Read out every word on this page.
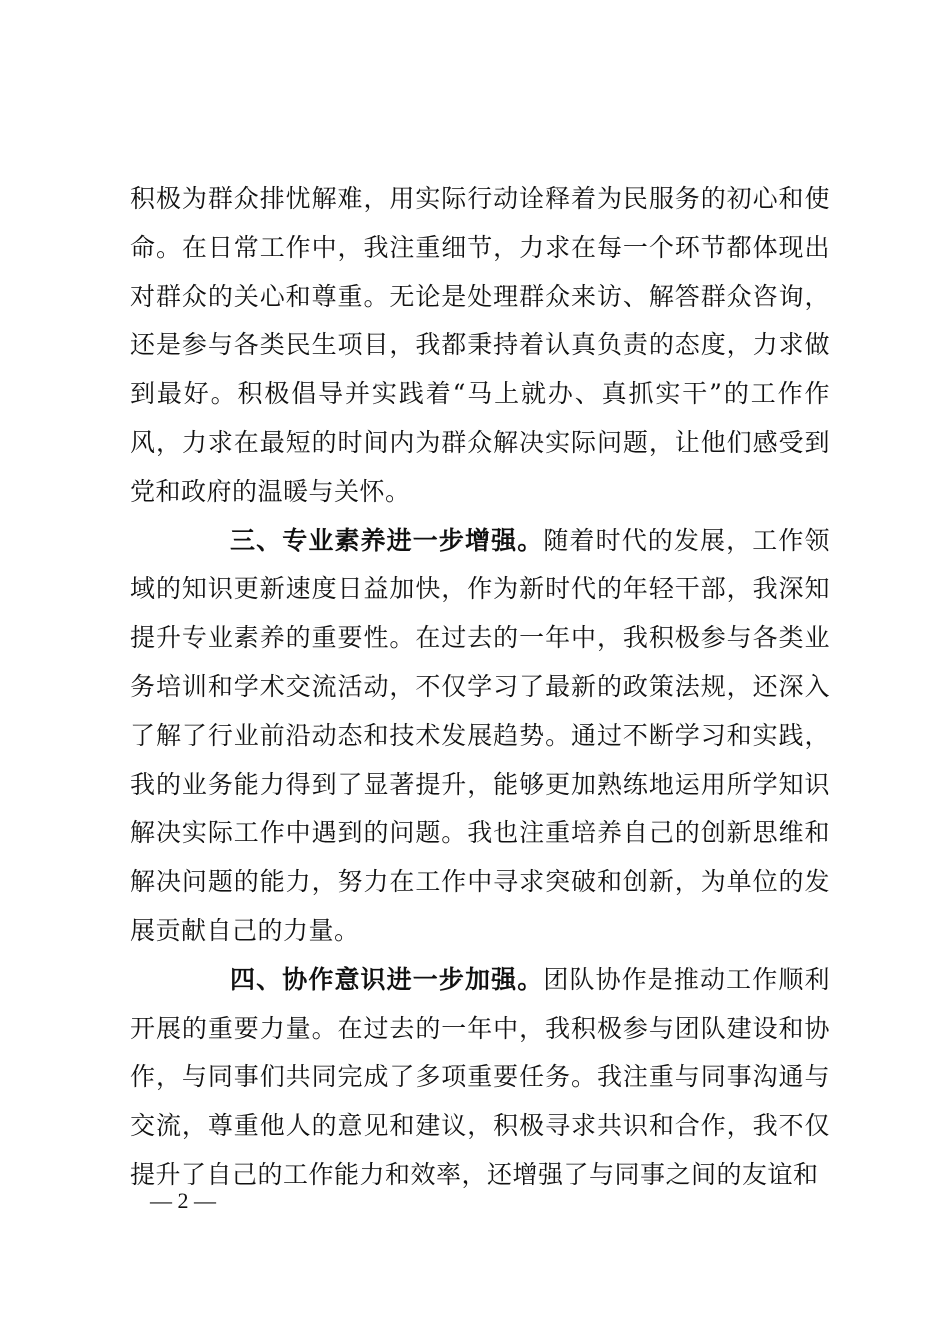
积极为群众排忧解难，用实际行动诠释着为民服务的初心和使命。在日常工作中，我注重细节，力求在每一个环节都体现出对群众的关心和尊重。无论是处理群众来访、解答群众咨询，还是参与各类民生项目，我都秉持着认真负责的态度，力求做到最好。积极倡导并实践着“马上就办、真抓实干”的工作作风，力求在最短的时间内为群众解决实际问题，让他们感受到党和政府的温暖与关怀。

三、专业素养进一步增强。随着时代的发展，工作领域的知识更新速度日益加快，作为新时代的年轻干部，我深知提升专业素养的重要性。在过去的一年中，我积极参与各类业务培训和学术交流活动，不仅学习了最新的政策法规，还深入了解了行业前沿动态和技术发展趋势。通过不断学习和实践，我的业务能力得到了显著提升，能够更加熟练地运用所学知识解决实际工作中遇到的问题。我也注重培养自己的创新思维和解决问题的能力，努力在工作中寻求突破和创新，为单位的发展贡献自己的力量。

四、协作意识进一步加强。团队协作是推动工作顺利开展的重要力量。在过去的一年中，我积极参与团队建设和协作，与同事们共同完成了多项重要任务。我注重与同事沟通与交流，尊重他人的意见和建议，积极寻求共识和合作，我不仅提升了自己的工作能力和效率，还增强了与同事之间的友谊和

— 2 —
